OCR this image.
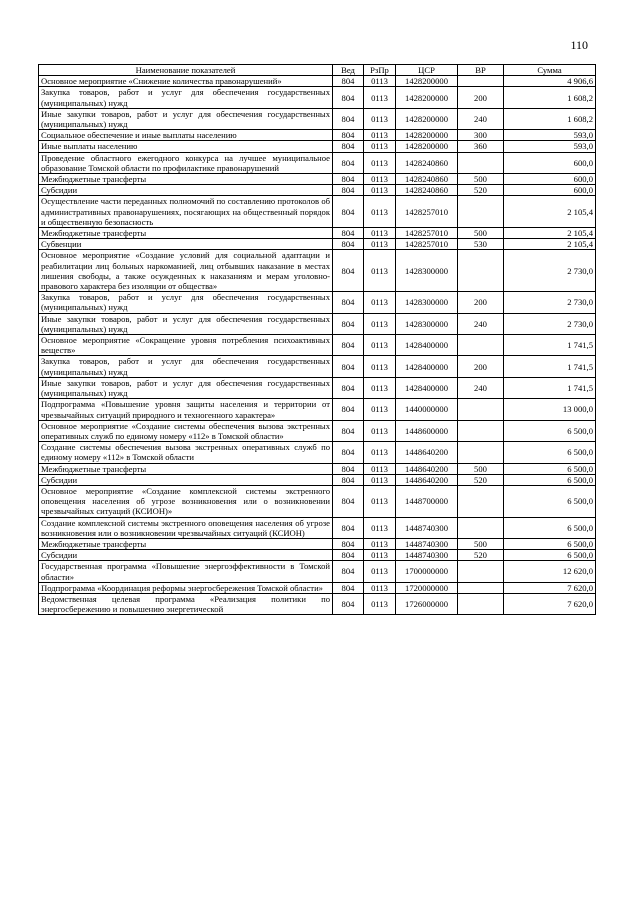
110
Наименование показателей	Вед	РзПр	ЦСР	ВР	Сумма
Основное мероприятие «Снижение количества правонарушений»	804	0113	1428200000		4 906,6
Закупка товаров, работ и услуг для обеспечения государственных (муниципальных) нужд	804	0113	1428200000	200	1 608,2
Иные закупки товаров, работ и услуг для обеспечения государственных (муниципальных) нужд	804	0113	1428200000	240	1 608,2
Социальное обеспечение и иные выплаты населению	804	0113	1428200000	300	593,0
Иные выплаты населению	804	0113	1428200000	360	593,0
Проведение областного ежегодного конкурса на лучшее муниципальное образование Томской области по профилактике правонарушений	804	0113	1428240860		600,0
Межбюджетные трансферты	804	0113	1428240860	500	600,0
Субсидии	804	0113	1428240860	520	600,0
Осуществление части переданных полномочий по составлению протоколов об административных правонарушениях, посягающих на общественный порядок и общественную безопасность	804	0113	1428257010		2 105,4
Межбюджетные трансферты	804	0113	1428257010	500	2 105,4
Субвенции	804	0113	1428257010	530	2 105,4
Основное мероприятие «Создание условий для социальной адаптации и реабилитации лиц больных наркоманией, лиц отбывших наказание в местах лишения свободы, а также осужденных к наказаниям и мерам уголовно-правового характера без изоляции от общества»	804	0113	1428300000		2 730,0
Закупка товаров, работ и услуг для обеспечения государственных (муниципальных) нужд	804	0113	1428300000	200	2 730,0
Иные закупки товаров, работ и услуг для обеспечения государственных (муниципальных) нужд	804	0113	1428300000	240	2 730,0
Основное мероприятие «Сокращение уровня потребления психоактивных веществ»	804	0113	1428400000		1 741,5
Закупка товаров, работ и услуг для обеспечения государственных (муниципальных) нужд	804	0113	1428400000	200	1 741,5
Иные закупки товаров, работ и услуг для обеспечения государственных (муниципальных) нужд	804	0113	1428400000	240	1 741,5
Подпрограмма «Повышение уровня защиты населения и территории от чрезвычайных ситуаций природного и техногенного характера»	804	0113	1440000000		13 000,0
Основное мероприятие «Создание системы обеспечения вызова экстренных оперативных служб по единому номеру «112» в Томской области»	804	0113	1448600000		6 500,0
Создание системы обеспечения вызова экстренных оперативных служб по единому номеру «112» в Томской области	804	0113	1448640200		6 500,0
Межбюджетные трансферты	804	0113	1448640200	500	6 500,0
Субсидии	804	0113	1448640200	520	6 500,0
Основное мероприятие «Создание комплексной системы экстренного оповещения населения об угрозе возникновения или о возникновении чрезвычайных ситуаций (КСИОН)»	804	0113	1448700000		6 500,0
Создание комплексной системы экстренного оповещения населения об угрозе возникновения или о возникновении чрезвычайных ситуаций (КСИОН)	804	0113	1448740300		6 500,0
Межбюджетные трансферты	804	0113	1448740300	500	6 500,0
Субсидии	804	0113	1448740300	520	6 500,0
Государственная программа «Повышение энергоэффективности в Томской области»	804	0113	1700000000		12 620,0
Подпрограмма «Координация реформы энергосбережения Томской области»	804	0113	1720000000		7 620,0
Ведомственная целевая программа «Реализация политики по энергосбережению и повышению энергетической	804	0113	1726000000		7 620,0
